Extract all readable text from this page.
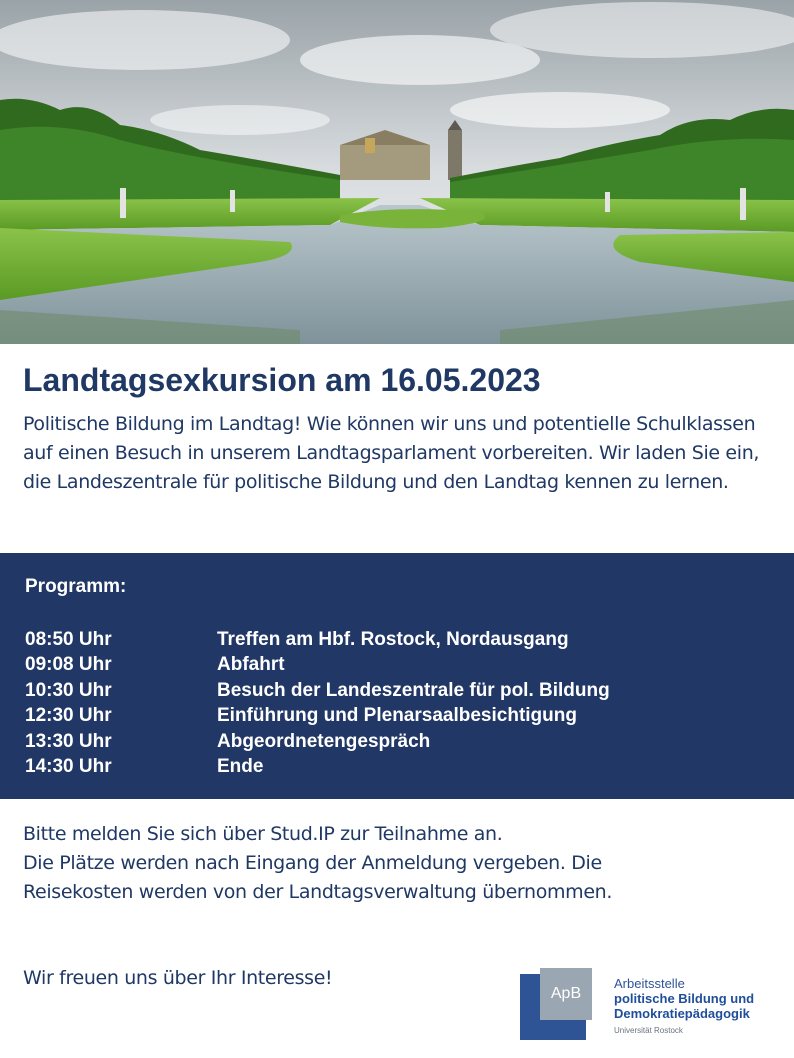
Landtagsexkursion am 16.05.2023
Politische Bildung im Landtag! Wie können wir uns und potentielle Schulklassen auf einen Besuch in unserem Landtagsparlament vorbereiten. Wir laden Sie ein, die Landeszentrale für politische Bildung und den Landtag kennen zu lernen.
Programm:
08:50 Uhr	Treffen am Hbf. Rostock, Nordausgang
09:08 Uhr	Abfahrt
10:30 Uhr	Besuch der Landeszentrale für pol. Bildung
12:30 Uhr	Einführung und Plenarsaalbesichtigung
13:30 Uhr	Abgeordnetengespräch
14:30 Uhr	Ende
Bitte melden Sie sich über Stud.IP zur Teilnahme an.
Die Plätze werden nach Eingang der Anmeldung vergeben. Die Reisekosten werden von der Landtagsverwaltung übernommen.
Wir freuen uns über Ihr Interesse!
ApB
Arbeitsstelle
politische Bildung und
Demokratiepädagogik
Universität Rostock
